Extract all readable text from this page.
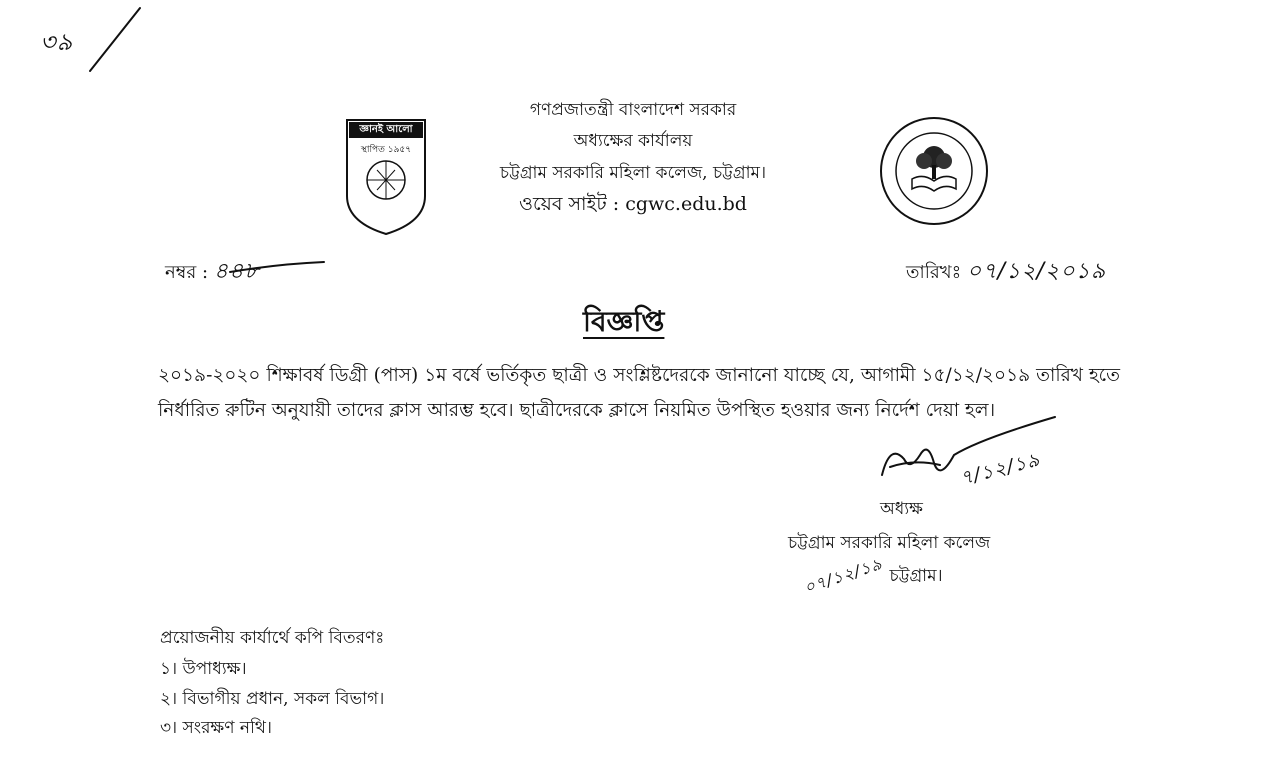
৩৯
গণপ্রজাতন্ত্রী বাংলাদেশ সরকার
অধ্যক্ষের কার্যালয়
চট্টগ্রাম সরকারি মহিলা কলেজ, চট্টগ্রাম।
ওয়েব সাইট : cgwc.edu.bd
জ্ঞানই আলো
স্থাপিত ১৯৫৭
নম্বর : ৪৪৮	তারিখঃ ০৭/১২/২০১৯
বিজ্ঞপ্তি
২০১৯-২০২০ শিক্ষাবর্ষ ডিগ্রী (পাস) ১ম বর্ষে ভর্তিকৃত ছাত্রী ও সংশ্লিষ্টদেরকে জানানো যাচ্ছে যে, আগামী ১৫/১২/২০১৯ তারিখ হতে নির্ধারিত রুটিন অনুযায়ী তাদের ক্লাস আরম্ভ হবে। ছাত্রীদেরকে ক্লাসে নিয়মিত উপস্থিত হওয়ার জন্য নির্দেশ দেয়া হল।
৭/১২/১৯
অধ্যক্ষ
চট্টগ্রাম সরকারি মহিলা কলেজ
০৭/১২/১৯ চট্টগ্রাম।
প্রয়োজনীয় কার্যার্থে কপি বিতরণঃ
১। উপাধ্যক্ষ।
২। বিভাগীয় প্রধান, সকল বিভাগ।
৩। সংরক্ষণ নথি।
